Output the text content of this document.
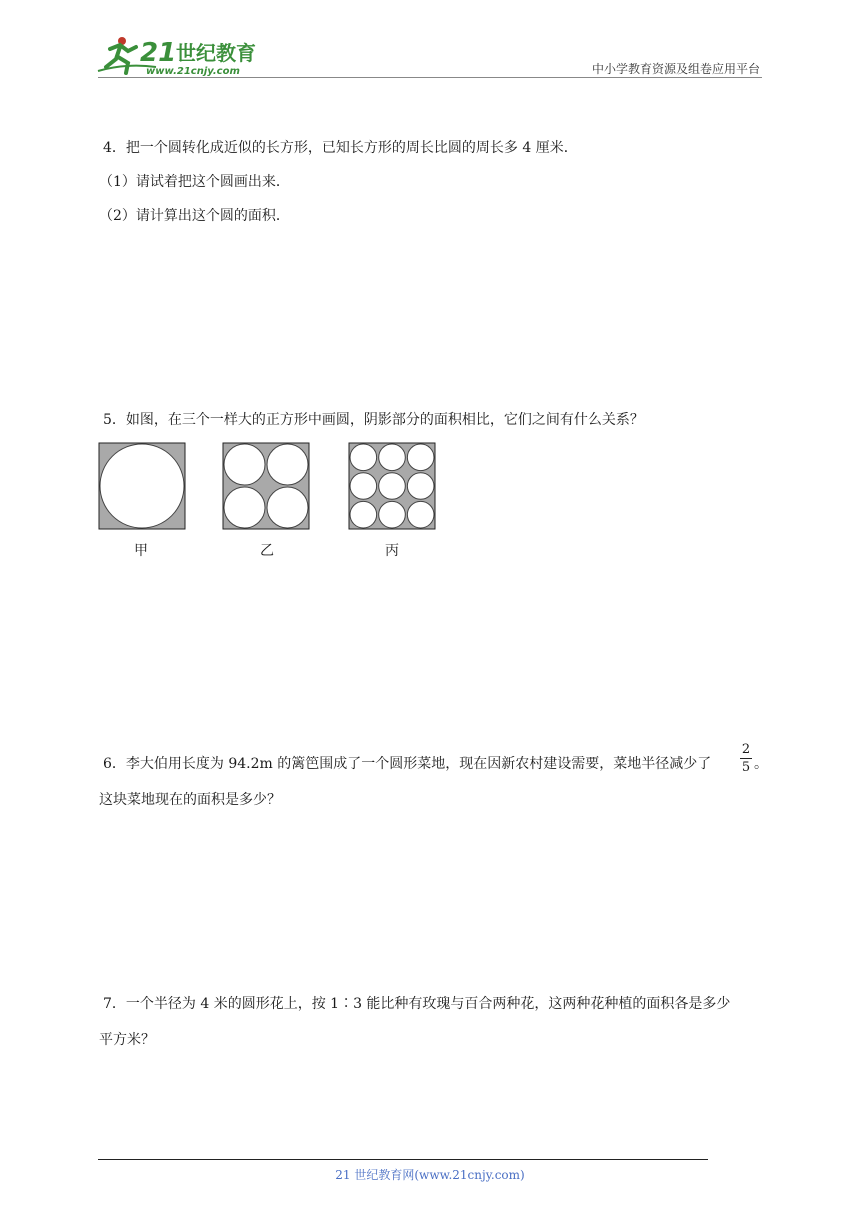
21 世纪教育
www.21cnjy.com	中小学教育资源及组卷应用平台
4．把一个圆转化成近似的长方形，已知长方形的周长比圆的周长多 4 厘米．
（1）请试着把这个圆画出来．
（2）请计算出这个圆的面积．
5．如图，在三个一样大的正方形中画圆，阴影部分的面积相比，它们之间有什么关系？
甲	乙	丙
6．李大伯用长度为 94.2m 的篱笆围成了一个圆形菜地，现在因新农村建设需要，菜地半径减少了
2
5 。
这块菜地现在的面积是多少？
7．一个半径为 4 米的圆形花上，按 1∶3 能比种有玫瑰与百合两种花，这两种花种植的面积各是多少
平方米？
21 世纪教育网(www.21cnjy.com)
